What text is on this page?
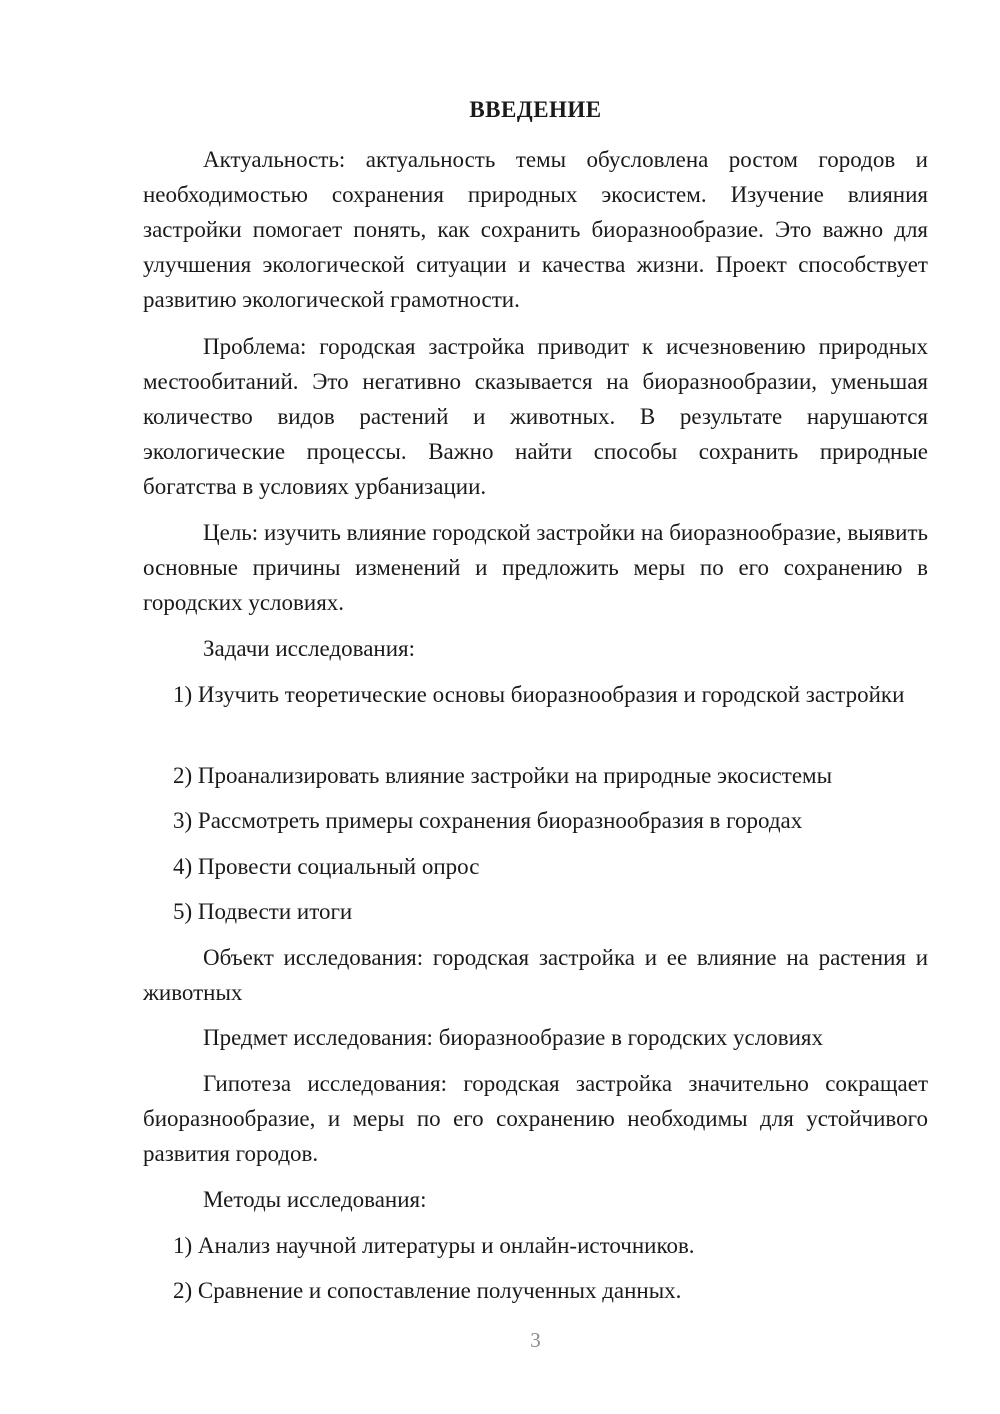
ВВЕДЕНИЕ

Актуальность: актуальность темы обусловлена ростом городов и необходимостью сохранения природных экосистем. Изучение влияния застройки помогает понять, как сохранить биоразнообразие. Это важно для улучшения экологической ситуации и качества жизни. Проект способствует развитию экологической грамотности.

Проблема: городская застройка приводит к исчезновению природных местообитаний. Это негативно сказывается на биоразнообразии, уменьшая количество видов растений и животных. В результате нарушаются экологические процессы. Важно найти способы сохранить природные богатства в условиях урбанизации.

Цель: изучить влияние городской застройки на биоразнообразие, выявить основные причины изменений и предложить меры по его сохранению в городских условиях.

Задачи исследования:

1) Изучить теоретические основы биоразнообразия и городской застройки

2) Проанализировать влияние застройки на природные экосистемы

3) Рассмотреть примеры сохранения биоразнообразия в городах

4) Провести социальный опрос

5) Подвести итоги

Объект исследования: городская застройка и ее влияние на растения и животных

Предмет исследования: биоразнообразие в городских условиях

Гипотеза исследования: городская застройка значительно сокращает биоразнообразие, и меры по его сохранению необходимы для устойчивого развития городов.

Методы исследования:

1) Анализ научной литературы и онлайн-источников.

2) Сравнение и сопоставление полученных данных.

3
